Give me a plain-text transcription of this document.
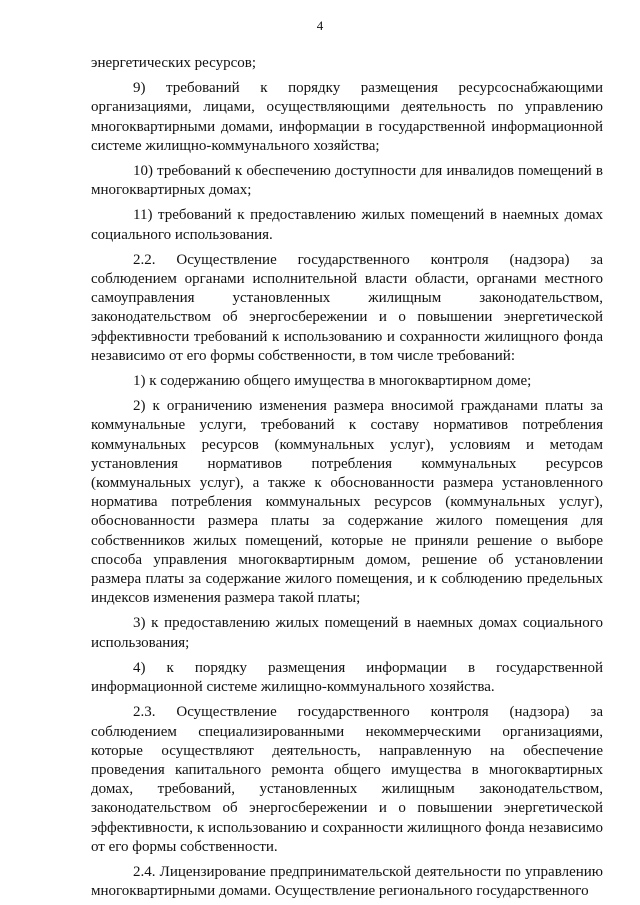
4

энергетических ресурсов;

9) требований к порядку размещения ресурсоснабжающими организациями, лицами, осуществляющими деятельность по управлению многоквартирными домами, информации в государственной информационной системе жилищно-коммунального хозяйства;

10) требований к обеспечению доступности для инвалидов помещений в многоквартирных домах;

11) требований к предоставлению жилых помещений в наемных домах социального использования.

2.2. Осуществление государственного контроля (надзора) за соблюдением органами исполнительной власти области, органами местного самоуправления установленных жилищным законодательством, законодательством об энергосбережении и о повышении энергетической эффективности требований к использованию и сохранности жилищного фонда независимо от его формы собственности, в том числе требований:

1) к содержанию общего имущества в многоквартирном доме;

2) к ограничению изменения размера вносимой гражданами платы за коммунальные услуги, требований к составу нормативов потребления коммунальных ресурсов (коммунальных услуг), условиям и методам установления нормативов потребления коммунальных ресурсов (коммунальных услуг), а также к обоснованности размера установленного норматива потребления коммунальных ресурсов (коммунальных услуг), обоснованности размера платы за содержание жилого помещения для собственников жилых помещений, которые не приняли решение о выборе способа управления многоквартирным домом, решение об установлении размера платы за содержание жилого помещения, и к соблюдению предельных индексов изменения размера такой платы;

3) к предоставлению жилых помещений в наемных домах социального использования;

4) к порядку размещения информации в государственной информационной системе жилищно-коммунального хозяйства.

2.3. Осуществление государственного контроля (надзора) за соблюдением специализированными некоммерческими организациями, которые осуществляют деятельность, направленную на обеспечение проведения капитального ремонта общего имущества в многоквартирных домах, требований, установленных жилищным законодательством, законодательством об энергосбережении и о повышении энергетической эффективности, к использованию и сохранности жилищного фонда независимо от его формы собственности.

2.4. Лицензирование предпринимательской деятельности по управлению многоквартирными домами. Осуществление регионального государственного
